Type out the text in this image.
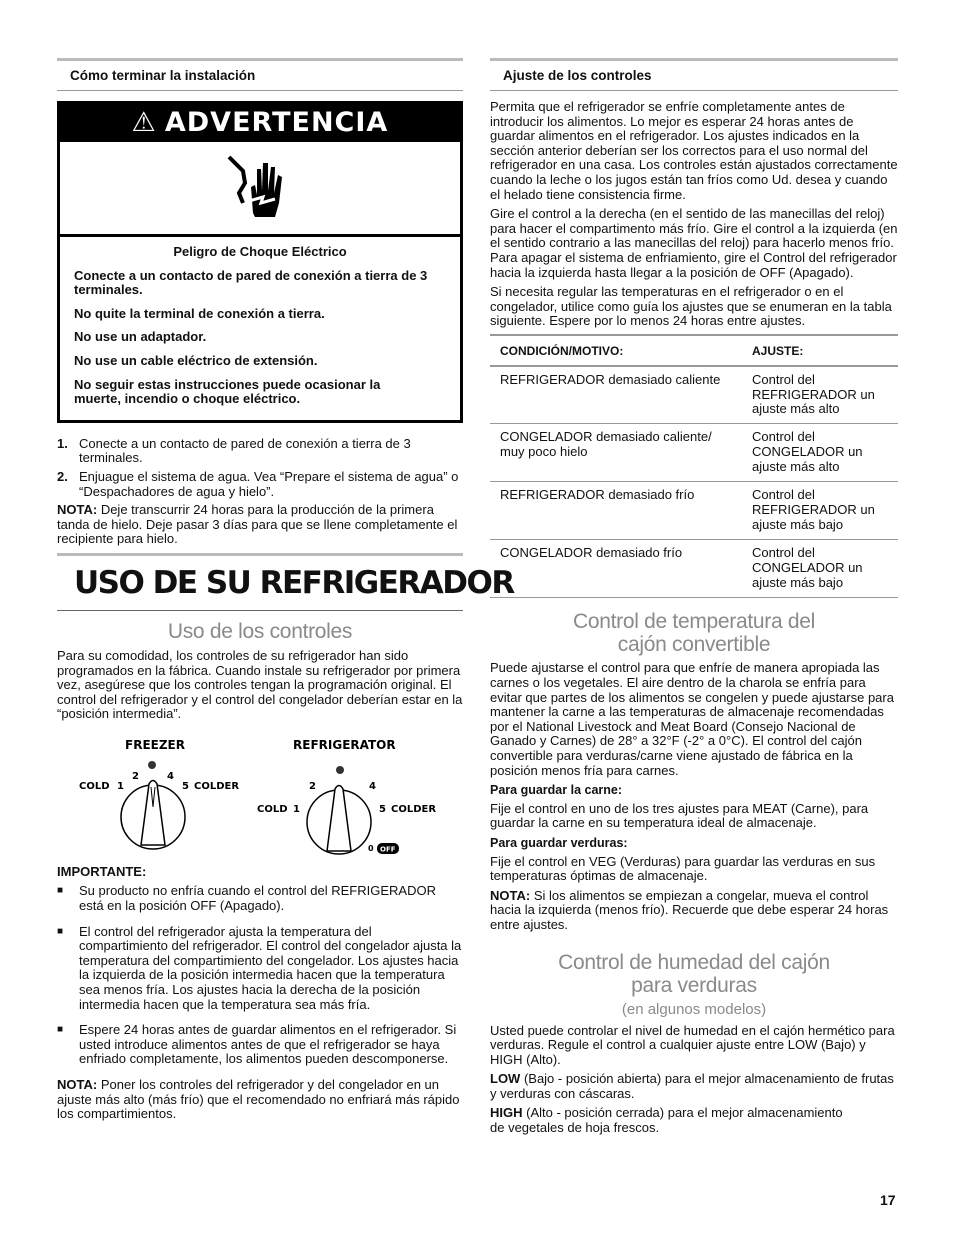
Cómo terminar la instalación
⚠ ADVERTENCIA
Peligro de Choque Eléctrico
Conecte a un contacto de pared de conexión a tierra de 3 terminales.
No quite la terminal de conexión a tierra.
No use un adaptador.
No use un cable eléctrico de extensión.
No seguir estas instrucciones puede ocasionar la muerte, incendio o choque eléctrico.
1. Conecte a un contacto de pared de conexión a tierra de 3 terminales.
2. Enjuague el sistema de agua. Vea “Prepare el sistema de agua” o “Despachadores de agua y hielo”.

NOTA: Deje transcurrir 24 horas para la producción de la primera tanda de hielo. Deje pasar 3 días para que se llene completamente el recipiente para hielo.

USO DE SU REFRIGERADOR
Uso de los controles

Para su comodidad, los controles de su refrigerador han sido programados en la fábrica. Cuando instale su refrigerador por primera vez, asegúrese que los controles tengan la programación original. El control del refrigerador y el control del congelador deberían estar en la “posición intermedia”.

FREEZER
COLD 1
2	4
5 COLDER
REFRIGERATOR
COLD 1
2	4
5 COLDER
0 OFF

IMPORTANTE:

■ Su producto no enfría cuando el control del REFRIGERADOR está en la posición OFF (Apagado).
■ El control del refrigerador ajusta la temperatura del compartimiento del refrigerador. El control del congelador ajusta la temperatura del compartimiento del congelador. Los ajustes hacia la izquierda de la posición intermedia hacen que la temperatura sea menos fría. Los ajustes hacia la derecha de la posición intermedia hacen que la temperatura sea más fría.
■ Espere 24 horas antes de guardar alimentos en el refrigerador. Si usted introduce alimentos antes de que el refrigerador se haya enfriado completamente, los alimentos pueden descomponerse.

NOTA: Poner los controles del refrigerador y del congelador en un ajuste más alto (más frío) que el recomendado no enfriará más rápido los compartimientos.

Ajuste de los controles

Permita que el refrigerador se enfríe completamente antes de introducir los alimentos. Lo mejor es esperar 24 horas antes de guardar alimentos en el refrigerador. Los ajustes indicados en la sección anterior deberían ser los correctos para el uso normal del refrigerador en una casa. Los controles están ajustados correctamente cuando la leche o los jugos están tan fríos como Ud. desea y cuando el helado tiene consistencia firme.

Gire el control a la derecha (en el sentido de las manecillas del reloj) para hacer el compartimento más frío. Gire el control a la izquierda (en el sentido contrario a las manecillas del reloj) para hacerlo menos frío. Para apagar el sistema de enfriamiento, gire el Control del refrigerador hacia la izquierda hasta llegar a la posición de OFF (Apagado).

Si necesita regular las temperaturas en el refrigerador o en el congelador, utilice como guía los ajustes que se enumeran en la tabla siguiente. Espere por lo menos 24 horas entre ajustes.

CONDICIÓN/MOTIVO:	AJUSTE:
REFRIGERADOR demasiado caliente	Control del REFRIGERADOR un ajuste más alto
CONGELADOR demasiado caliente/ muy poco hielo	Control del CONGELADOR un ajuste más alto
REFRIGERADOR demasiado frío	Control del REFRIGERADOR un ajuste más bajo
CONGELADOR demasiado frío	Control del CONGELADOR un ajuste más bajo
Control de temperatura del
cajón convertible

Puede ajustarse el control para que enfríe de manera apropiada las carnes o los vegetales. El aire dentro de la charola se enfría para evitar que partes de los alimentos se congelen y puede ajustarse para mantener la carne a las temperaturas de almacenaje recomendadas por el National Livestock and Meat Board (Consejo Nacional de Ganado y Carnes) de 28° a 32°F (-2° a 0°C). El control del cajón convertible para verduras/carne viene ajustado de fábrica en la posición menos fría para carnes.

Para guardar la carne:

Fije el control en uno de los tres ajustes para MEAT (Carne), para guardar la carne en su temperatura ideal de almacenaje.

Para guardar verduras:

Fije el control en VEG (Verduras) para guardar las verduras en sus temperaturas óptimas de almacenaje.

NOTA: Si los alimentos se empiezan a congelar, mueva el control hacia la izquierda (menos frío). Recuerde que debe esperar 24 horas entre ajustes.

Control de humedad del cajón
para verduras
(en algunos modelos)

Usted puede controlar el nivel de humedad en el cajón hermético para verduras. Regule el control a cualquier ajuste entre LOW (Bajo) y HIGH (Alto).

LOW (Bajo - posición abierta) para el mejor almacenamiento de frutas y verduras con cáscaras.

HIGH (Alto - posición cerrada) para el mejor almacenamiento de vegetales de hoja frescos.

17
